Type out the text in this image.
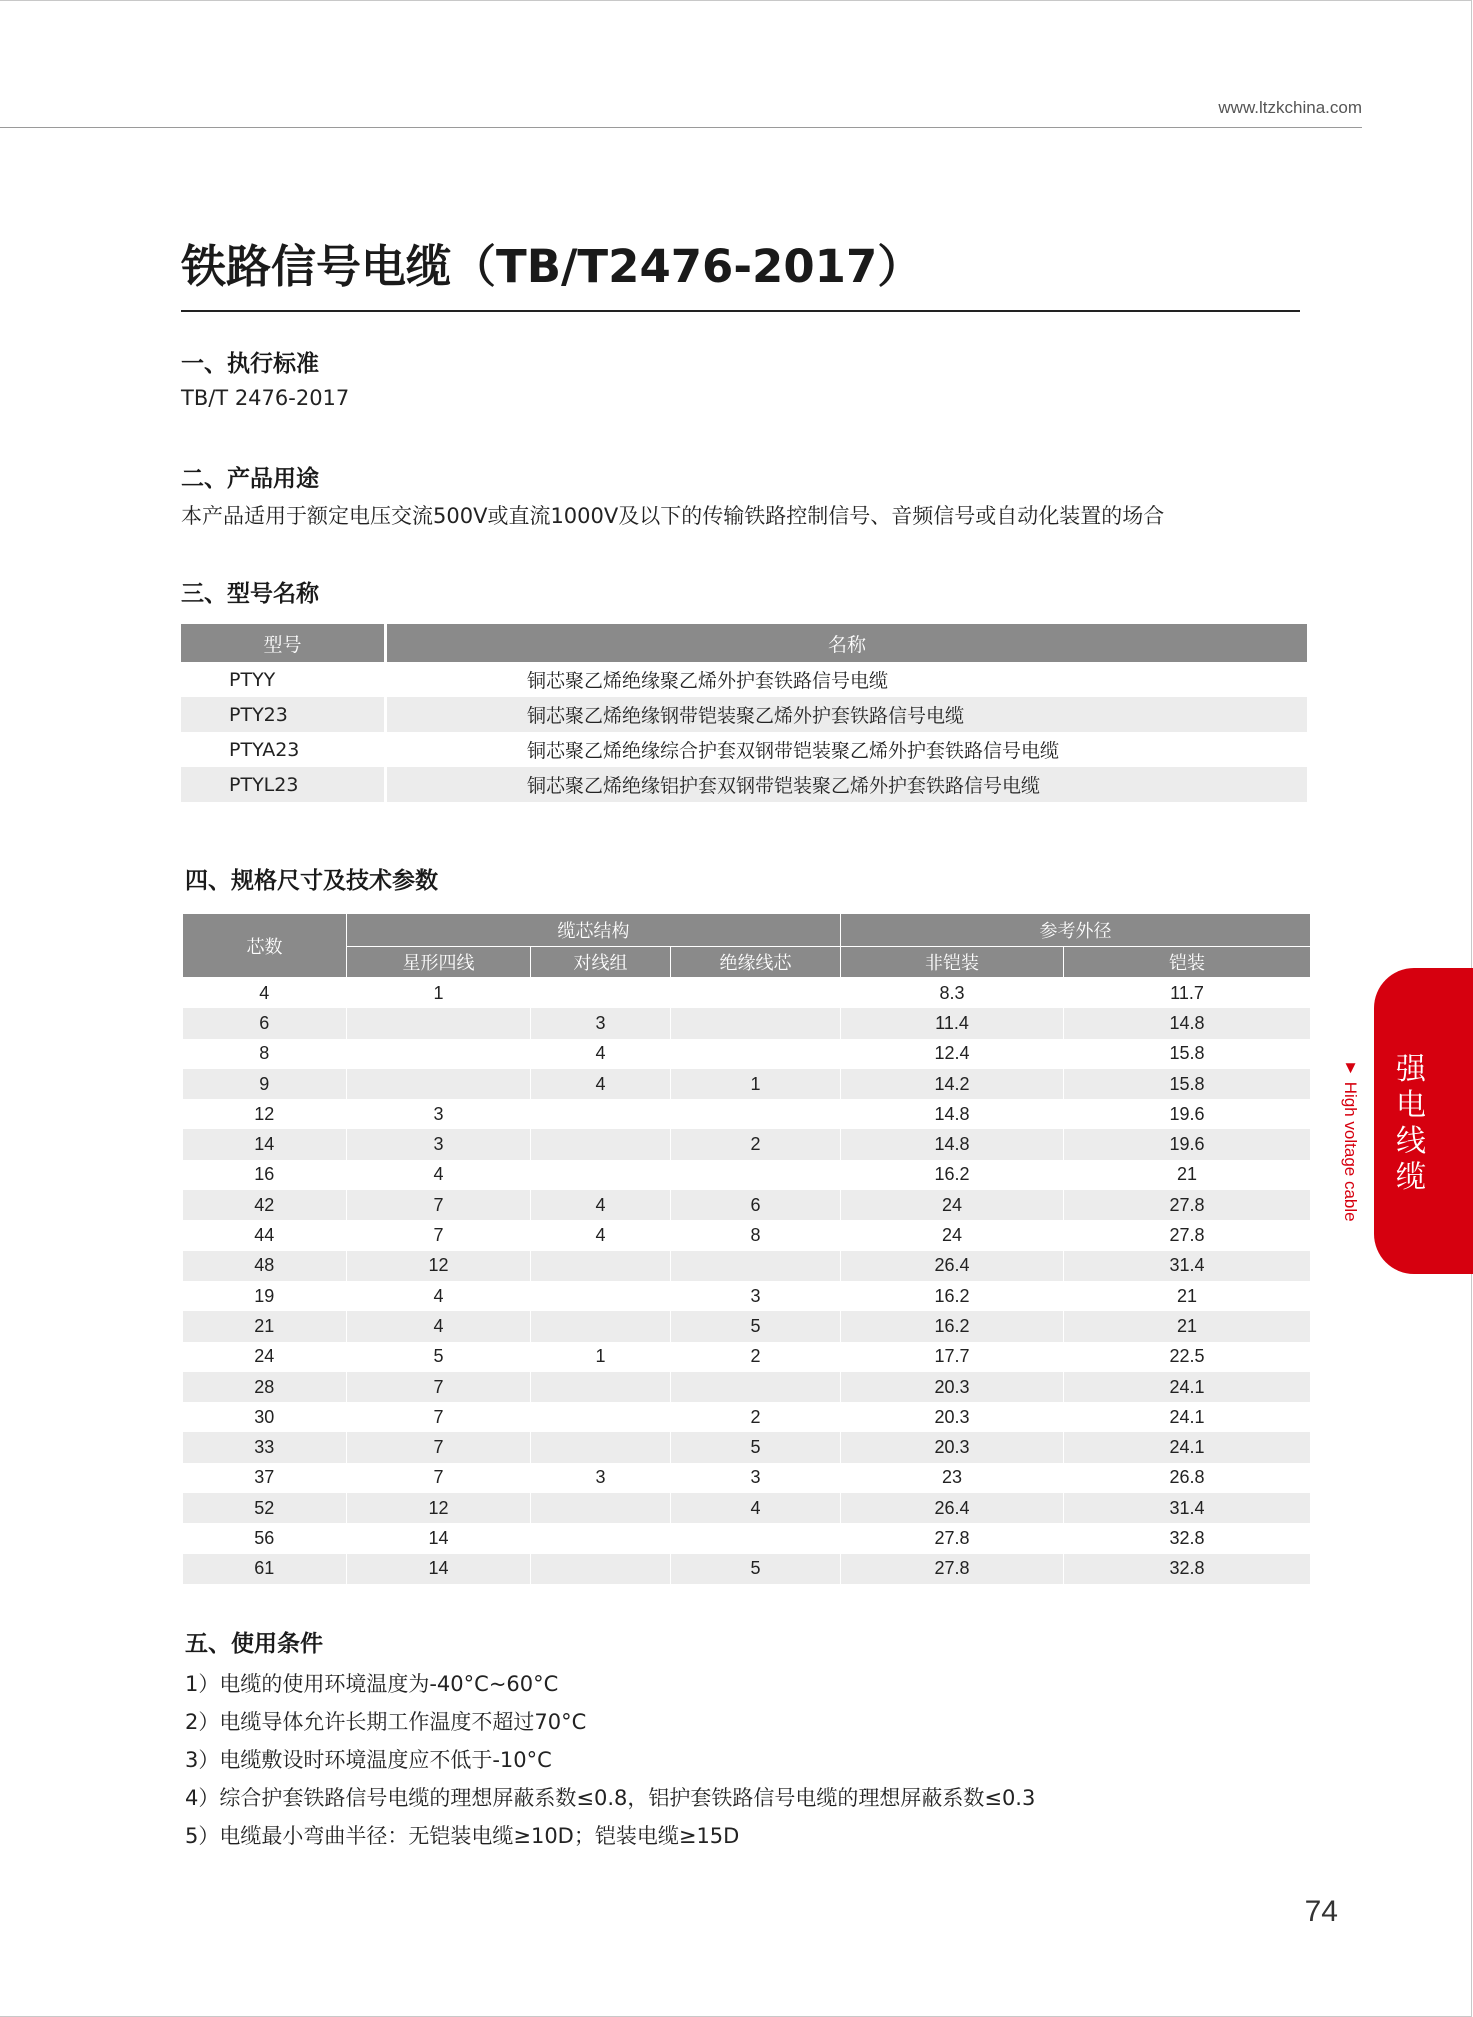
www.ltzkchina.com
铁路信号电缆（TB/T2476-2017）
一、执行标准
TB/T 2476-2017
二、产品用途
本产品适用于额定电压交流500V或直流1000V及以下的传输铁路控制信号、音频信号或自动化装置的场合
三、型号名称
型号	名称
PTYY	铜芯聚乙烯绝缘聚乙烯外护套铁路信号电缆
PTY23	铜芯聚乙烯绝缘钢带铠装聚乙烯外护套铁路信号电缆
PTYA23	铜芯聚乙烯绝缘综合护套双钢带铠装聚乙烯外护套铁路信号电缆
PTYL23	铜芯聚乙烯绝缘铝护套双钢带铠装聚乙烯外护套铁路信号电缆
四、规格尺寸及技术参数
芯数	缆芯结构			参考外径	
	星形四线	对线组	绝缘线芯	非铠装	铠装
4	1			8.3	11.7
6		3		11.4	14.8
8		4		12.4	15.8
9		4	1	14.2	15.8
12	3			14.8	19.6
14	3		2	14.8	19.6
16	4			16.2	21
42	7	4	6	24	27.8
44	7	4	8	24	27.8
48	12			26.4	31.4
19	4		3	16.2	21
21	4		5	16.2	21
24	5	1	2	17.7	22.5
28	7			20.3	24.1
30	7		2	20.3	24.1
33	7		5	20.3	24.1
37	7	3	3	23	26.8
52	12		4	26.4	31.4
56	14			27.8	32.8
61	14		5	27.8	32.8
五、使用条件
1）电缆的使用环境温度为-40°C~60°C
2）电缆导体允许长期工作温度不超过70°C
3）电缆敷设时环境温度应不低于-10°C
4）综合护套铁路信号电缆的理想屏蔽系数≤0.8，铝护套铁路信号电缆的理想屏蔽系数≤0.3
5）电缆最小弯曲半径：无铠装电缆≥10D；铠装电缆≥15D
强电线缆
▼ High voltage cable
74
